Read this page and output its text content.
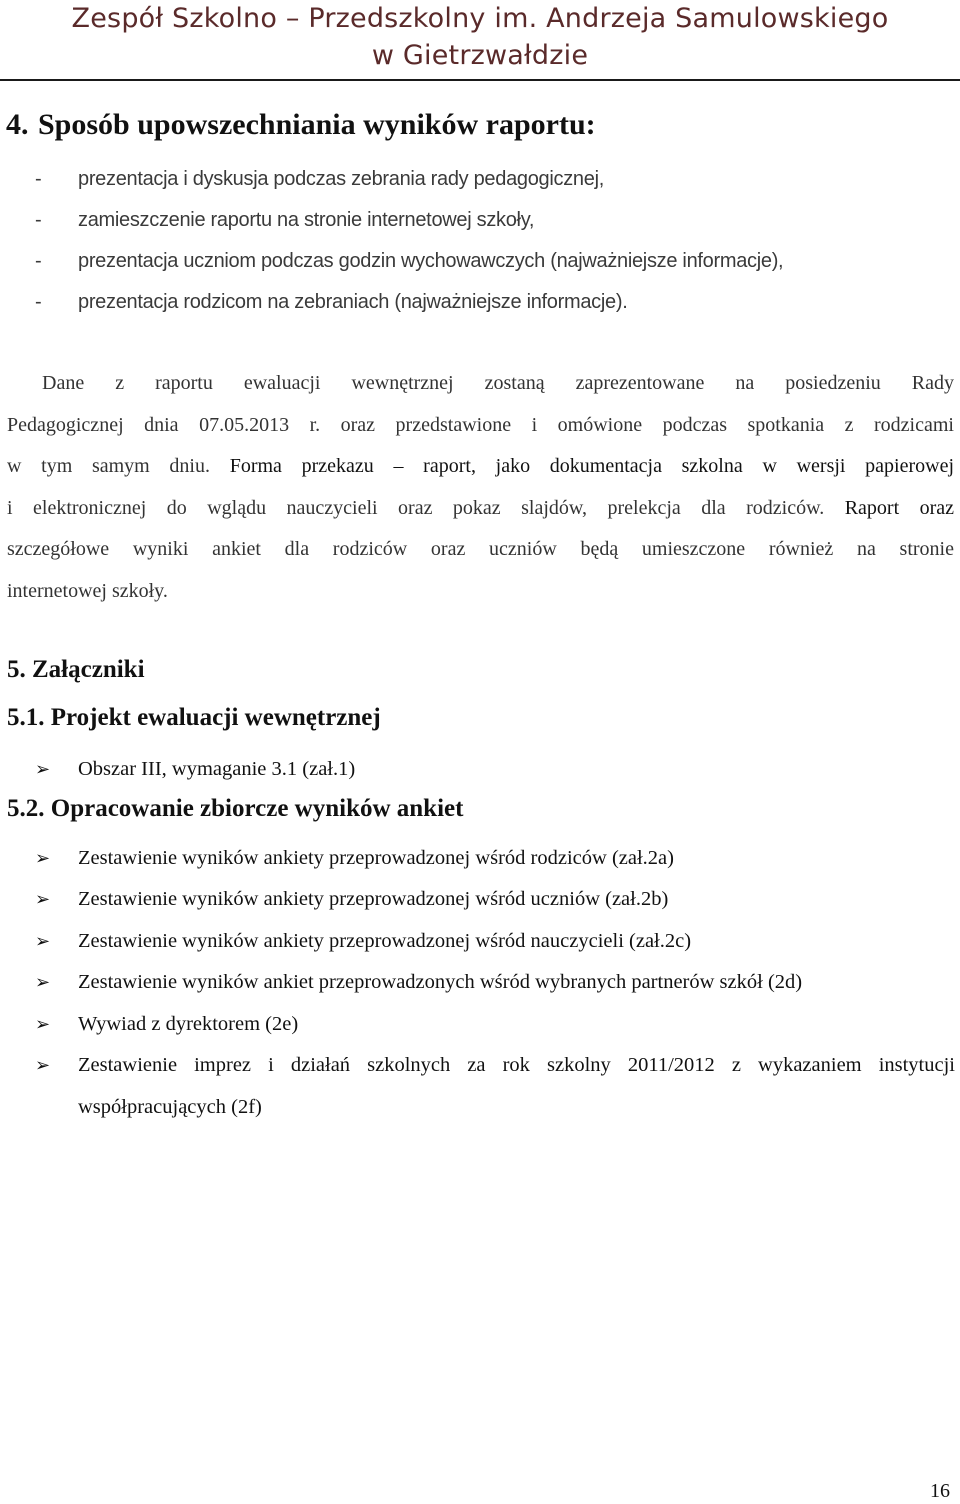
Zespół Szkolno – Przedszkolny im. Andrzeja Samulowskiego
w Gietrzwałdzie
4. Sposób upowszechniania wyników raportu:
- prezentacja i dyskusja podczas zebrania rady pedagogicznej,
- zamieszczenie raportu na stronie internetowej szkoły,
- prezentacja uczniom podczas godzin wychowawczych (najważniejsze informacje),
- prezentacja rodzicom na zebraniach (najważniejsze informacje).
Dane z raportu ewaluacji wewnętrznej zostaną zaprezentowane na posiedzeniu Rady
Pedagogicznej dnia 07.05.2013 r. oraz przedstawione i omówione podczas spotkania z rodzicami
w tym samym dniu. Forma przekazu – raport, jako dokumentacja szkolna w wersji papierowej
i elektronicznej do wglądu nauczycieli oraz pokaz slajdów, prelekcja dla rodziców. Raport oraz
szczegółowe wyniki ankiet dla rodziców oraz uczniów będą umieszczone również na stronie
internetowej szkoły.
5. Załączniki
5.1. Projekt ewaluacji wewnętrznej
➢ Obszar III, wymaganie 3.1 (zał.1)
5.2. Opracowanie zbiorcze wyników ankiet
➢ Zestawienie wyników ankiety przeprowadzonej wśród rodziców (zał.2a)
➢ Zestawienie wyników ankiety przeprowadzonej wśród uczniów (zał.2b)
➢ Zestawienie wyników ankiety przeprowadzonej wśród nauczycieli (zał.2c)
➢ Zestawienie wyników ankiet przeprowadzonych wśród wybranych partnerów szkół (2d)
➢ Wywiad z dyrektorem (2e)
➢ Zestawienie imprez i działań szkolnych za rok szkolny 2011/2012 z wykazaniem instytucji
współpracujących (2f)
16
